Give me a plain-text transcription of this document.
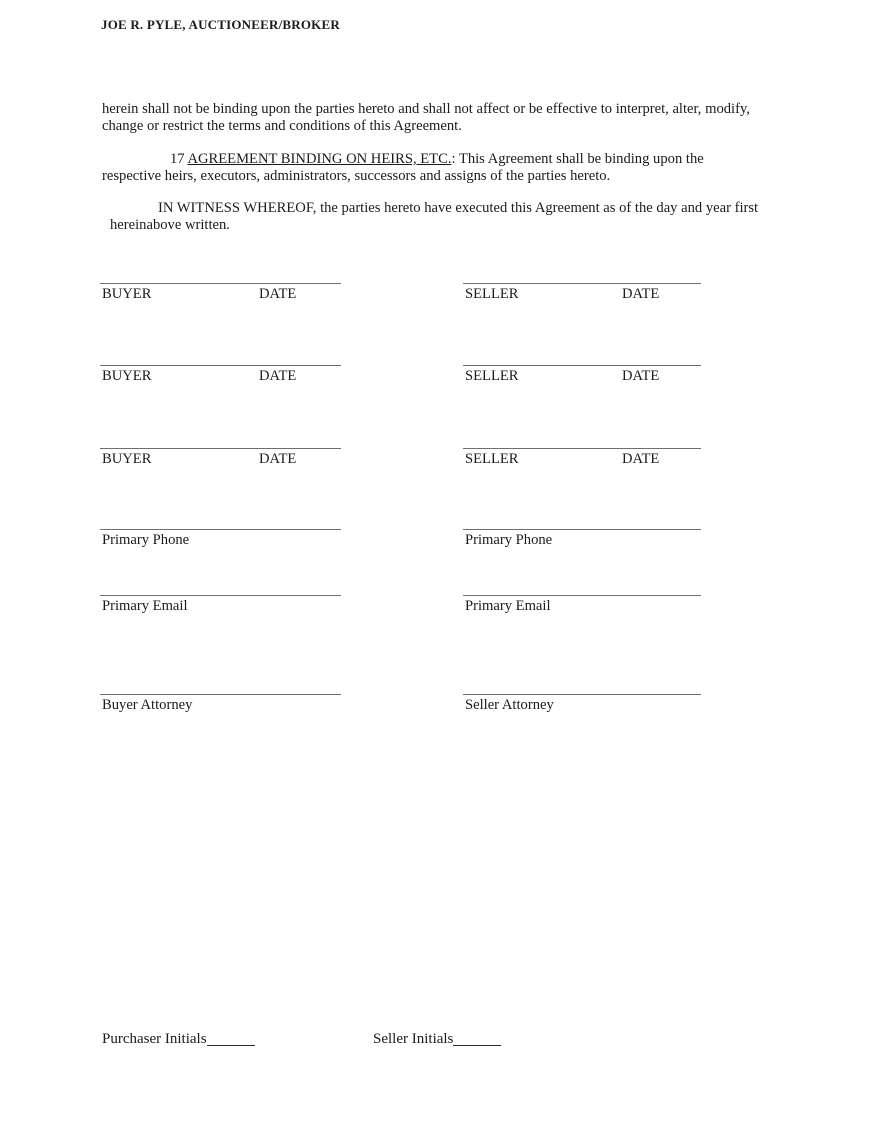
JOE R. PYLE, AUCTIONEER/BROKER
herein shall not be binding upon the parties hereto and shall not affect or be effective to interpret, alter, modify,
change or restrict the terms and conditions of this Agreement.
17 AGREEMENT BINDING ON HEIRS, ETC.: This Agreement shall be binding upon the
respective heirs, executors, administrators, successors and assigns of the parties hereto.
IN WITNESS WHEREOF, the parties hereto have executed this Agreement as of the day and year first
hereinabove written.
BUYER	DATE	SELLER	DATE
BUYER	DATE	SELLER	DATE
BUYER	DATE	SELLER	DATE
Primary Phone	Primary Phone
Primary Email	Primary Email
Buyer Attorney	Seller Attorney
Purchaser Initials	Seller Initials
